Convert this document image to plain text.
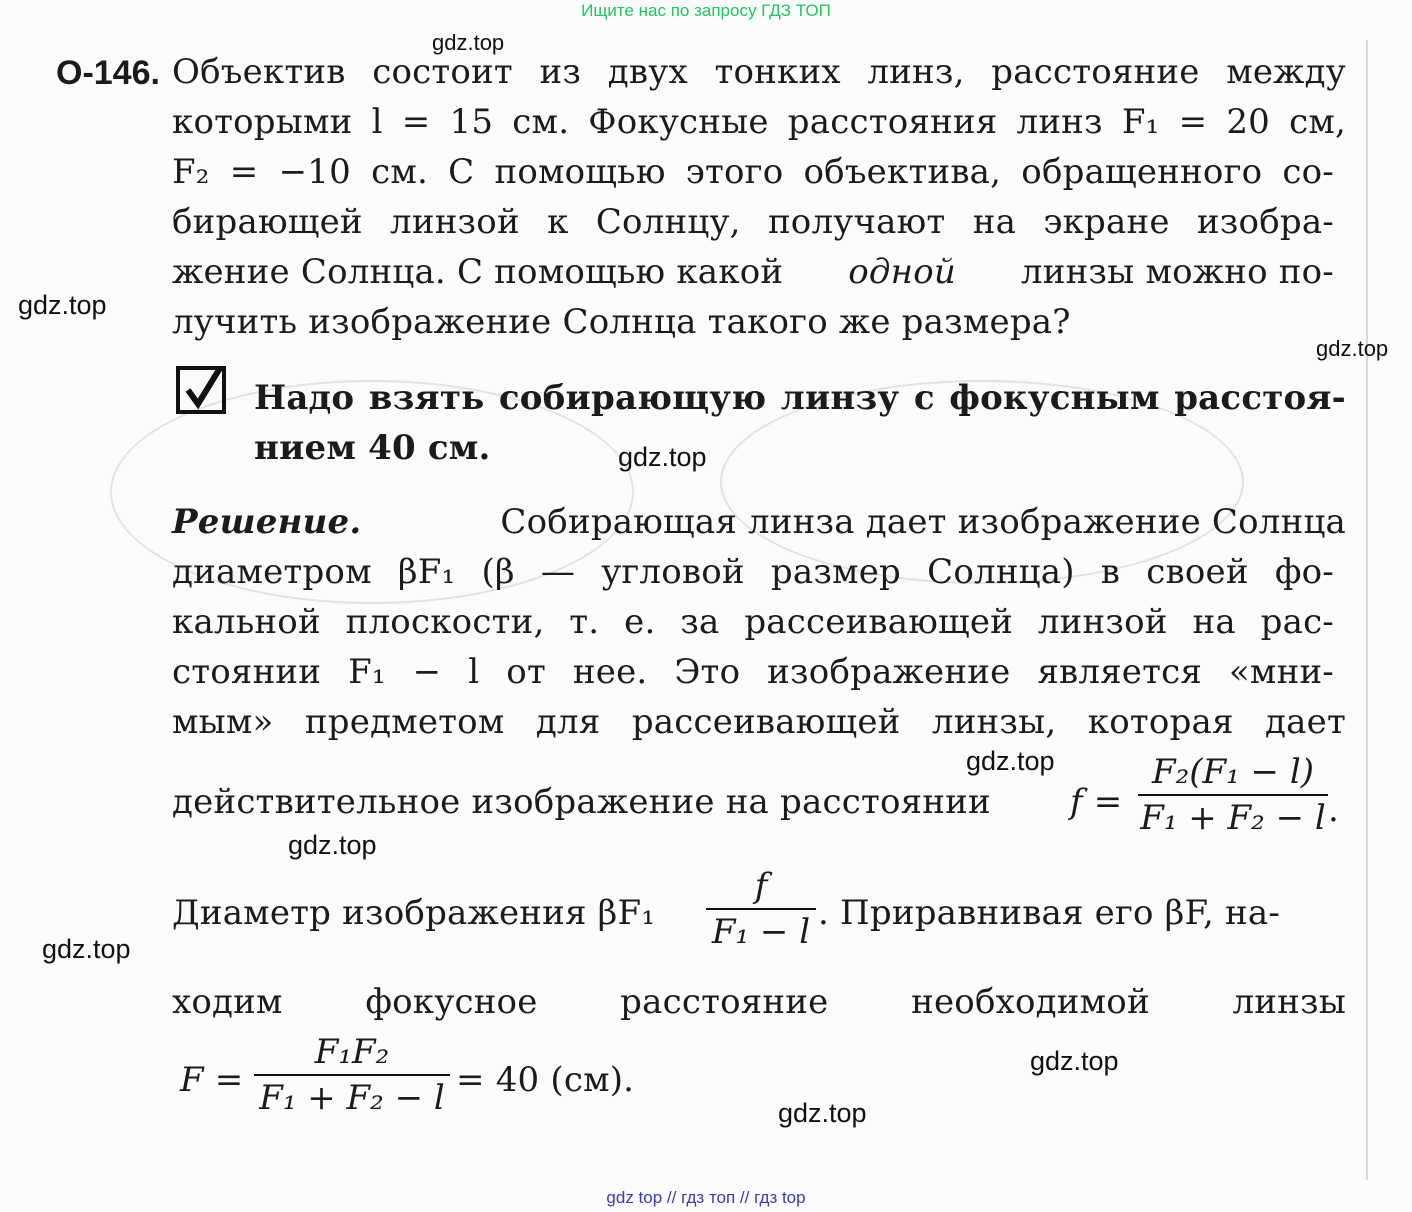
Ищите нас по запросу ГДЗ ТОП
О-146. Объектив состоит из двух тонких линз, расстояние между
которыми l = 15 см. Фокусные расстояния линз F₁ = 20 см,
F₂ = −10 см. С помощью этого объектива, обращенного со-
бирающей линзой к Солнцу, получают на экране изобра-
жение Солнца. С помощью какой одной линзы можно по-
лучить изображение Солнца такого же размера?
Надо взять собирающую линзу с фокусным расстоя-
нием 40 см.
Решение.	Собирающая линза дает изображение Солнца
диаметром βF₁ (β — угловой размер Солнца) в своей фо-
кальной плоскости, т. е. за рассеивающей линзой на рас-
стоянии F₁ − l от нее. Это изображение является «мни-
мым» предметом для рассеивающей линзы, которая дает
действительное изображение на расстоянии f =
F₂(F₁ − l)
F₁ + F₂ − l .
Диаметр изображения βF₁
f
F₁ − l . Приравнивая его βF, на-
ходим фокусное расстояние необходимой линзы
F =
F₁F₂
F₁ + F₂ − l = 40 (см).
gdz.top
gdz.top
gdz.top
gdz.top
gdz.top
gdz.top
gdz.top
gdz.top
gdz.top
gdz top // гдз топ // гдз top
